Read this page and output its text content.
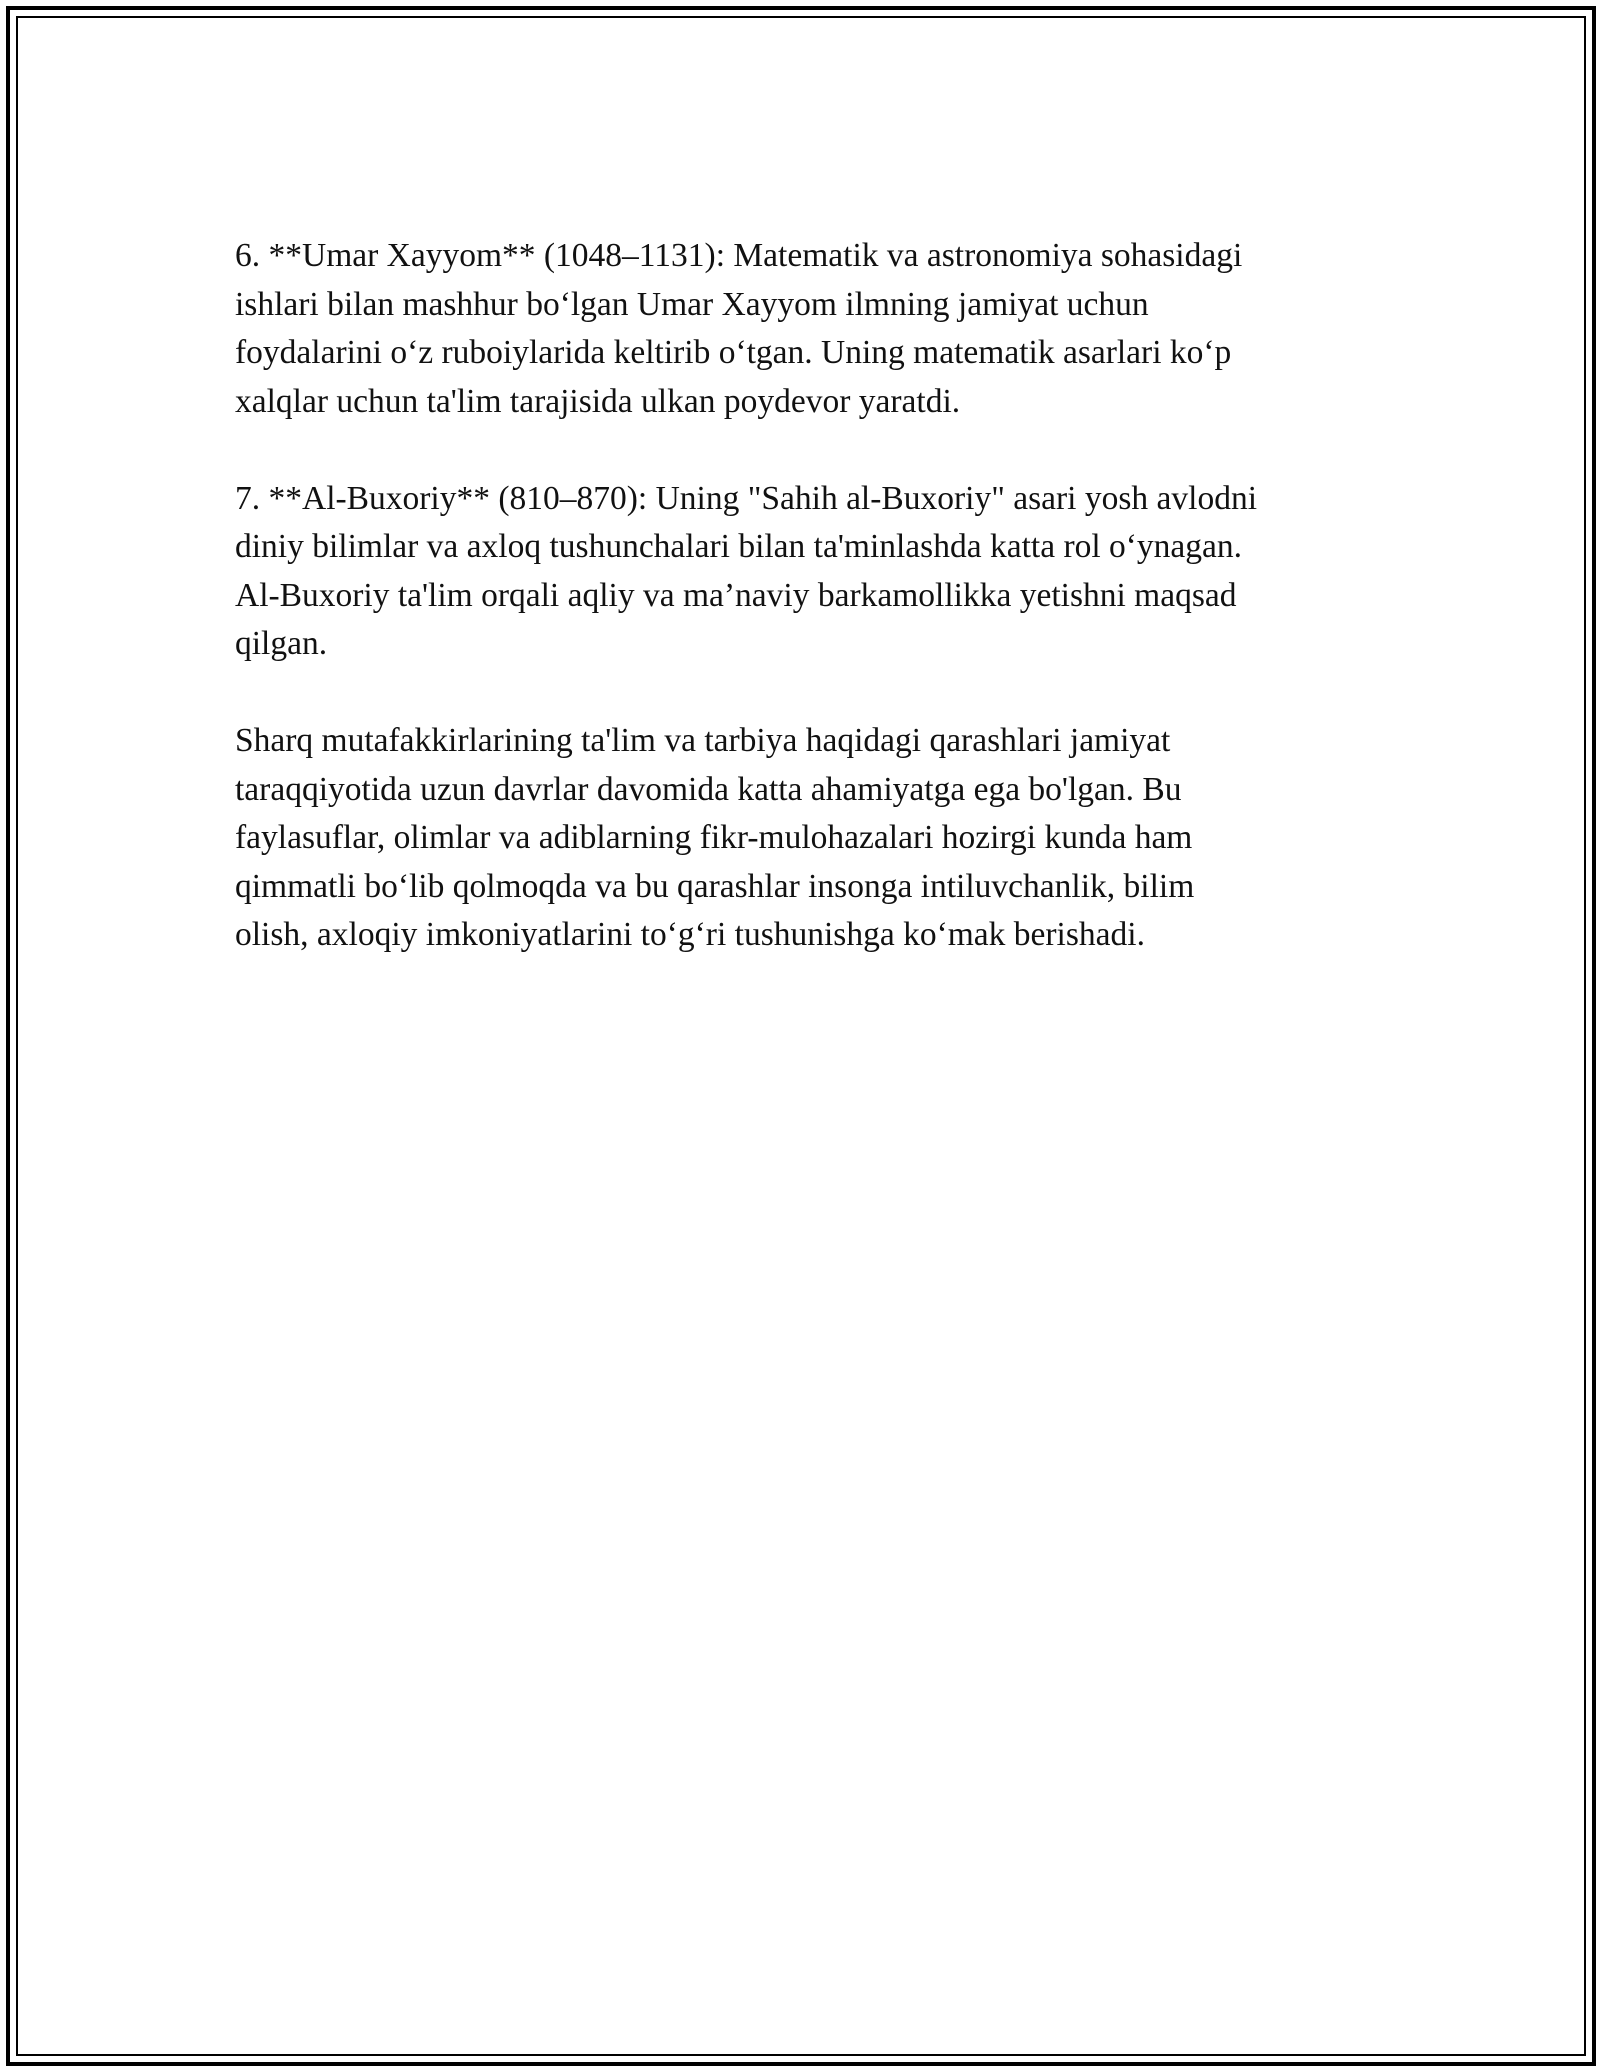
6. **Umar Xayyom** (1048–1131): Matematik va astronomiya sohasidagi
ishlari bilan mashhur bo‘lgan Umar Xayyom ilmning jamiyat uchun
foydalarini o‘z ruboiylarida keltirib o‘tgan. Uning matematik asarlari ko‘p
xalqlar uchun ta'lim tarajisida ulkan poydevor yaratdi.

7. **Al-Buxoriy** (810–870): Uning "Sahih al-Buxoriy" asari yosh avlodni
diniy bilimlar va axloq tushunchalari bilan ta'minlashda katta rol o‘ynagan.
Al-Buxoriy ta'lim orqali aqliy va ma’naviy barkamollikka yetishni maqsad
qilgan.

Sharq mutafakkirlarining ta'lim va tarbiya haqidagi qarashlari jamiyat
taraqqiyotida uzun davrlar davomida katta ahamiyatga ega bo'lgan. Bu
faylasuflar, olimlar va adiblarning fikr-mulohazalari hozirgi kunda ham
qimmatli bo‘lib qolmoqda va bu qarashlar insonga intiluvchanlik, bilim
olish, axloqiy imkoniyatlarini to‘g‘ri tushunishga ko‘mak berishadi.
